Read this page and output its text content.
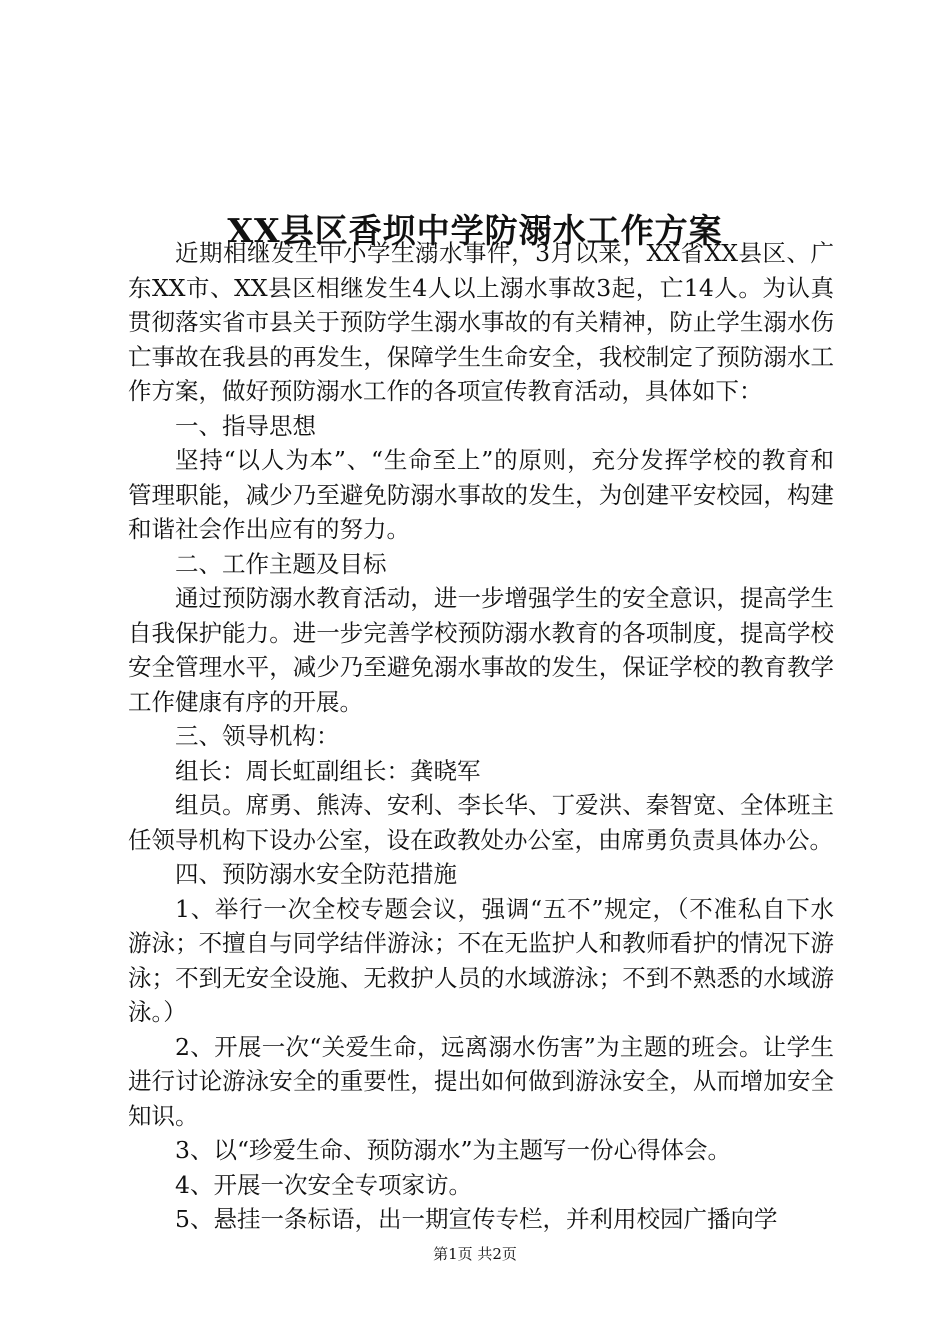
XX县区香坝中学防溺水工作方案

近期相继发生中小学生溺水事件，3月以来，XX省XX县区、广东XX市、XX县区相继发生4人以上溺水事故3起，亡14人。为认真贯彻落实省市县关于预防学生溺水事故的有关精神，防止学生溺水伤亡事故在我县的再发生，保障学生生命安全，我校制定了预防溺水工作方案，做好预防溺水工作的各项宣传教育活动，具体如下：

一、指导思想

坚持“以人为本”、“生命至上”的原则，充分发挥学校的教育和管理职能，减少乃至避免防溺水事故的发生，为创建平安校园，构建和谐社会作出应有的努力。

二、工作主题及目标

通过预防溺水教育活动，进一步增强学生的安全意识，提高学生自我保护能力。进一步完善学校预防溺水教育的各项制度，提高学校安全管理水平，减少乃至避免溺水事故的发生，保证学校的教育教学工作健康有序的开展。

三、领导机构：

组长：周长虹副组长：龚晓军

组员。席勇、熊涛、安利、李长华、丁爱洪、秦智宽、全体班主任领导机构下设办公室，设在政教处办公室，由席勇负责具体办公。

四、预防溺水安全防范措施

1、举行一次全校专题会议，强调“五不”规定，（不准私自下水游泳；不擅自与同学结伴游泳；不在无监护人和教师看护的情况下游泳；不到无安全设施、无救护人员的水域游泳；不到不熟悉的水域游泳。）

2、开展一次“关爱生命，远离溺水伤害”为主题的班会。让学生进行讨论游泳安全的重要性，提出如何做到游泳安全，从而增加安全知识。

3、以“珍爱生命、预防溺水”为主题写一份心得体会。

4、开展一次安全专项家访。

5、悬挂一条标语，出一期宣传专栏，并利用校园广播向学

第1页 共2页
